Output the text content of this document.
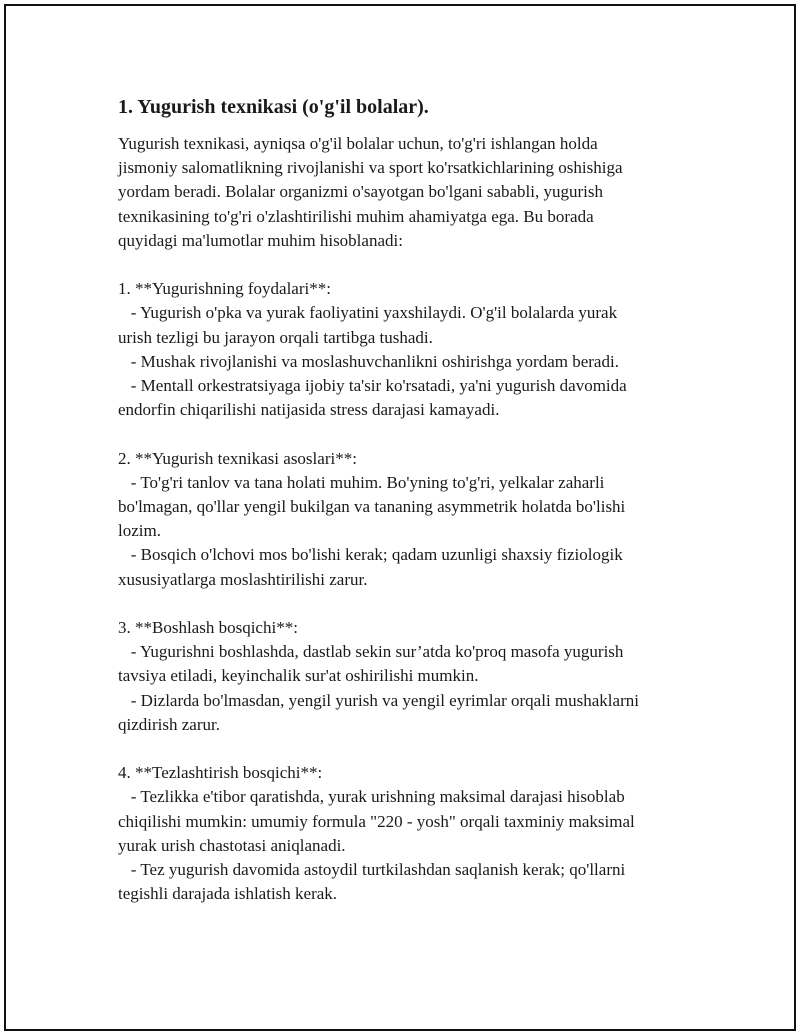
1. Yugurish texnikasi (o'g'il bolalar).
Yugurish texnikasi, ayniqsa o'g'il bolalar uchun, to'g'ri ishlangan holda
jismoniy salomatlikning rivojlanishi va sport ko'rsatkichlarining oshishiga
yordam beradi. Bolalar organizmi o'sayotgan bo'lgani sababli, yugurish
texnikasining to'g'ri o'zlashtirilishi muhim ahamiyatga ega. Bu borada
quyidagi ma'lumotlar muhim hisoblanadi:
1. **Yugurishning foydalari**:
- Yugurish o'pka va yurak faoliyatini yaxshilaydi. O'g'il bolalarda yurak
urish tezligi bu jarayon orqali tartibga tushadi.
- Mushak rivojlanishi va moslashuvchanlikni oshirishga yordam beradi.
- Mentall orkestratsiyaga ijobiy ta'sir ko'rsatadi, ya'ni yugurish davomida
endorfin chiqarilishi natijasida stress darajasi kamayadi.
2. **Yugurish texnikasi asoslari**:
- To'g'ri tanlov va tana holati muhim. Bo'yning to'g'ri, yelkalar zaharli
bo'lmagan, qo'llar yengil bukilgan va tananing asymmetrik holatda bo'lishi
lozim.
- Bosqich o'lchovi mos bo'lishi kerak; qadam uzunligi shaxsiy fiziologik
xususiyatlarga moslashtirilishi zarur.
3. **Boshlash bosqichi**:
- Yugurishni boshlashda, dastlab sekin sur’atda ko'proq masofa yugurish
tavsiya etiladi, keyinchalik sur'at oshirilishi mumkin.
- Dizlarda bo'lmasdan, yengil yurish va yengil eyrimlar orqali mushaklarni
qizdirish zarur.
4. **Tezlashtirish bosqichi**:
- Tezlikka e'tibor qaratishda, yurak urishning maksimal darajasi hisoblab
chiqilishi mumkin: umumiy formula "220 - yosh" orqali taxminiy maksimal
yurak urish chastotasi aniqlanadi.
- Tez yugurish davomida astoydil turtkilashdan saqlanish kerak; qo'llarni
tegishli darajada ishlatish kerak.
